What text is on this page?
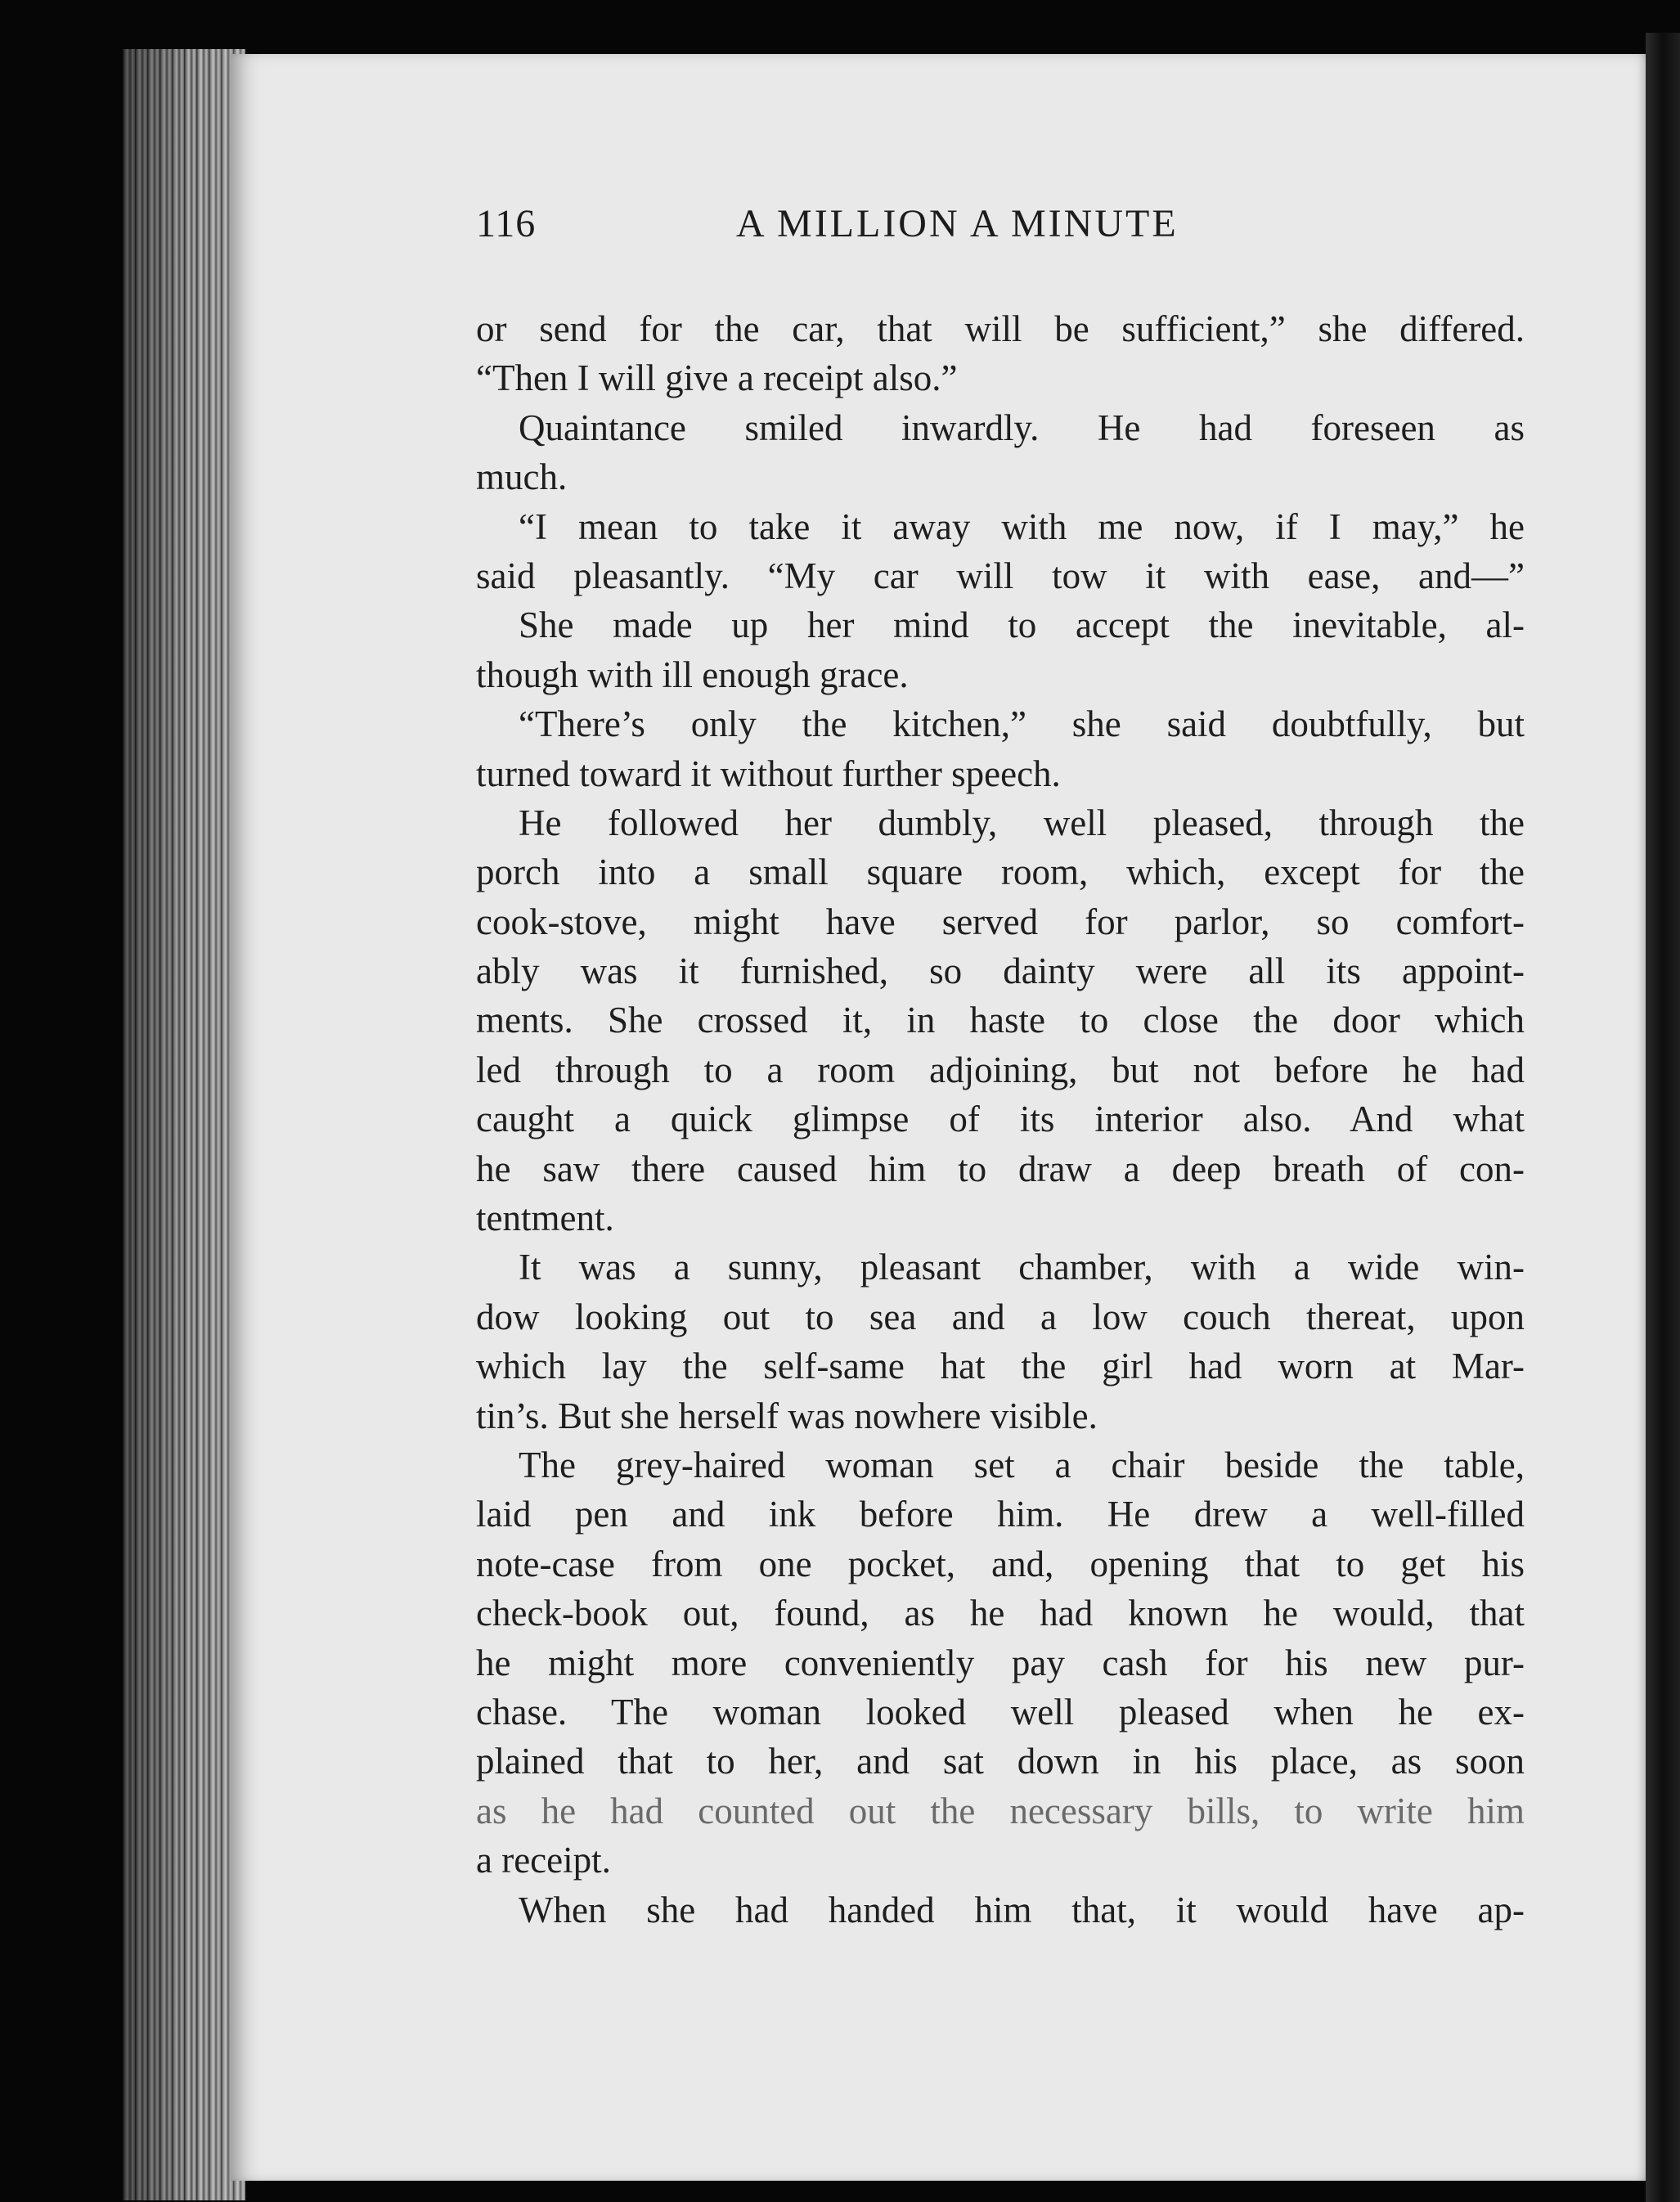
116	A MILLION A MINUTE
or send for the car, that will be sufficient,” she differed.
“Then I will give a receipt also.”
Quaintance smiled inwardly. He had foreseen as
much.
“I mean to take it away with me now, if I may,” he
said pleasantly. “My car will tow it with ease, and—”
She made up her mind to accept the inevitable, al-
though with ill enough grace.
“There’s only the kitchen,” she said doubtfully, but
turned toward it without further speech.
He followed her dumbly, well pleased, through the
porch into a small square room, which, except for the
cook-stove, might have served for parlor, so comfort-
ably was it furnished, so dainty were all its appoint-
ments. She crossed it, in haste to close the door which
led through to a room adjoining, but not before he had
caught a quick glimpse of its interior also. And what
he saw there caused him to draw a deep breath of con-
tentment.
It was a sunny, pleasant chamber, with a wide win-
dow looking out to sea and a low couch thereat, upon
which lay the self-same hat the girl had worn at Mar-
tin’s. But she herself was nowhere visible.
The grey-haired woman set a chair beside the table,
laid pen and ink before him. He drew a well-filled
note-case from one pocket, and, opening that to get his
check-book out, found, as he had known he would, that
he might more conveniently pay cash for his new pur-
chase. The woman looked well pleased when he ex-
plained that to her, and sat down in his place, as soon
as he had counted out the necessary bills, to write him
a receipt.
When she had handed him that, it would have ap-
